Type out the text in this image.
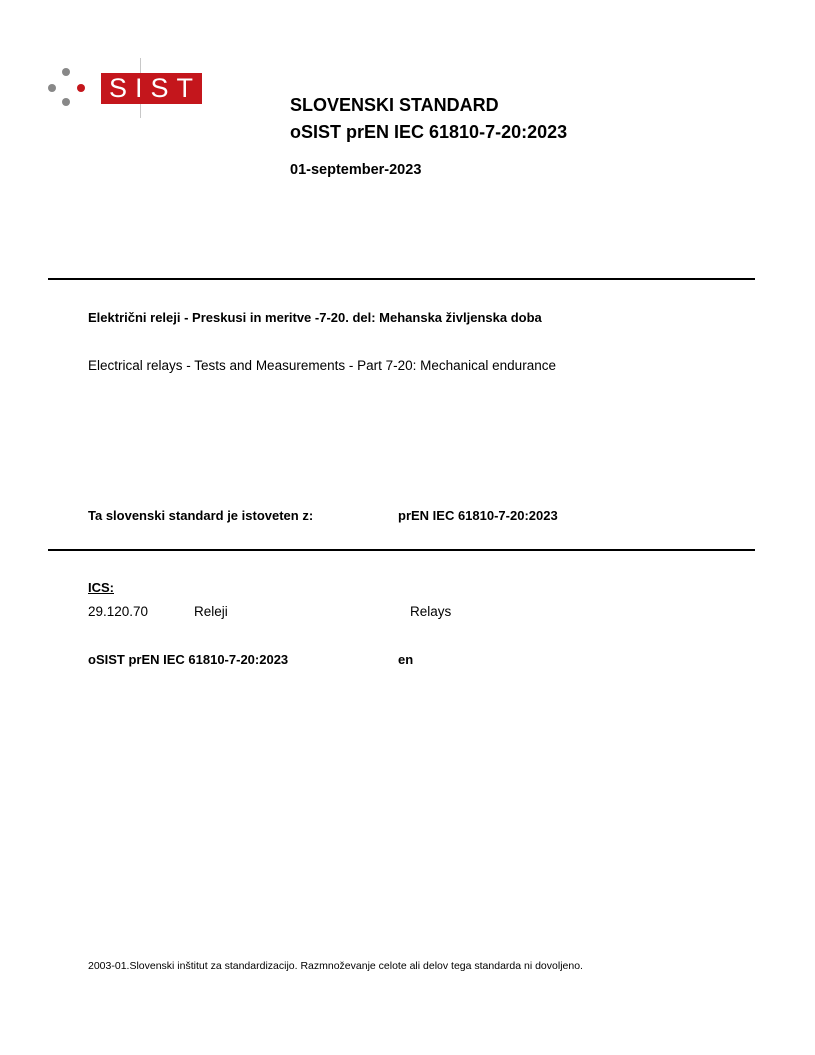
SIST
SLOVENSKI STANDARD
oSIST prEN IEC 61810-7-20:2023
01-september-2023
Električni releji - Preskusi in meritve -7-20. del: Mehanska življenska doba
Electrical relays - Tests and Measurements - Part 7-20: Mechanical endurance
Ta slovenski standard je istoveten z:	prEN IEC 61810-7-20:2023
ICS:
29.120.70	Releji	Relays
oSIST prEN IEC 61810-7-20:2023	en
2003-01.Slovenski inštitut za standardizacijo. Razmnoževanje celote ali delov tega standarda ni dovoljeno.
